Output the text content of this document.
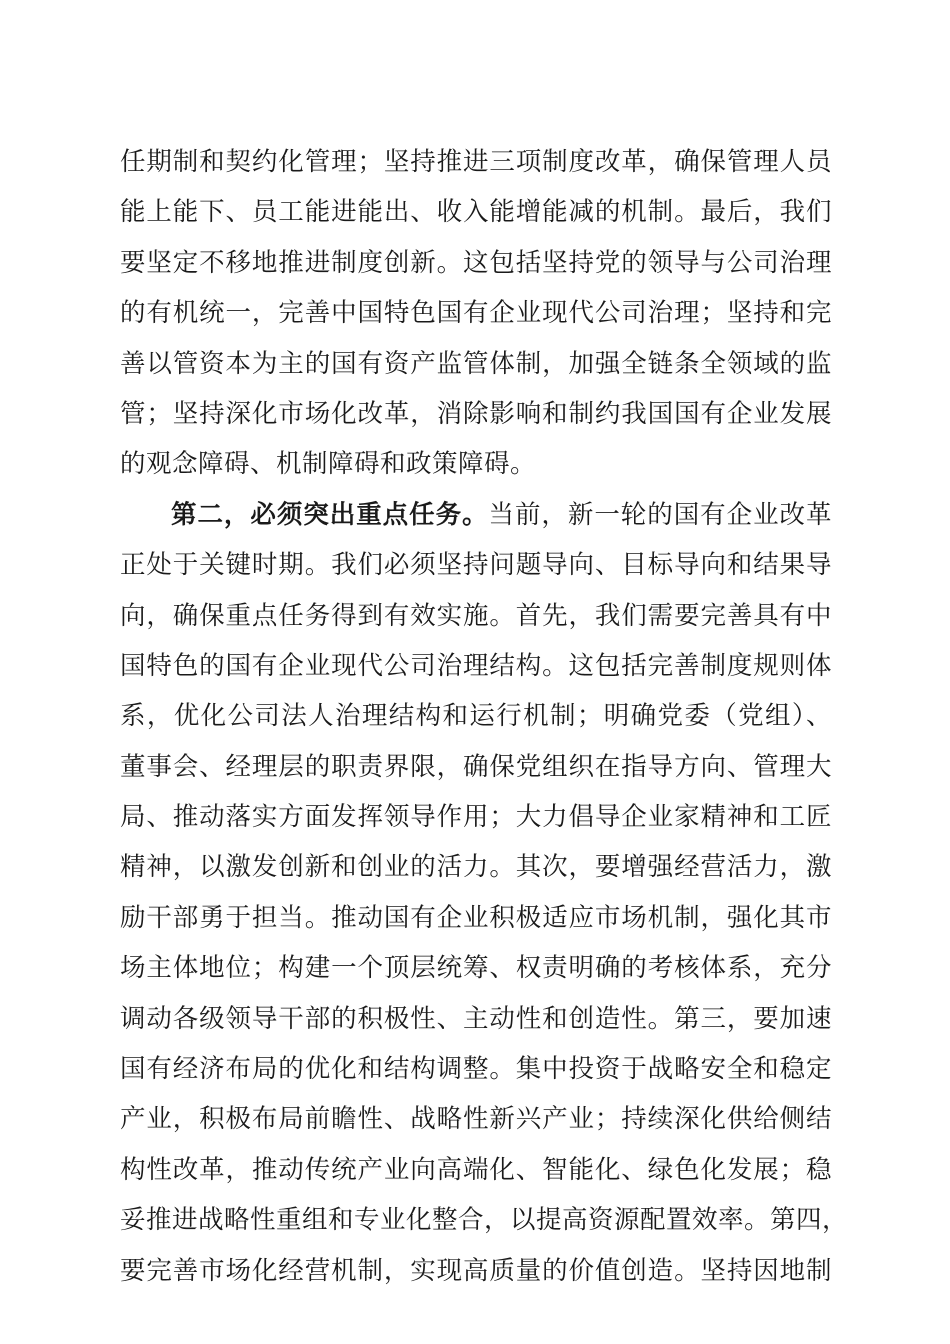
任期制和契约化管理；坚持推进三项制度改革，确保管理人员
能上能下、员工能进能出、收入能增能减的机制。最后，我们
要坚定不移地推进制度创新。这包括坚持党的领导与公司治理
的有机统一，完善中国特色国有企业现代公司治理；坚持和完
善以管资本为主的国有资产监管体制，加强全链条全领域的监
管；坚持深化市场化改革，消除影响和制约我国国有企业发展
的观念障碍、机制障碍和政策障碍。
第二，必须突出重点任务。当前，新一轮的国有企业改革
正处于关键时期。我们必须坚持问题导向、目标导向和结果导
向，确保重点任务得到有效实施。首先，我们需要完善具有中
国特色的国有企业现代公司治理结构。这包括完善制度规则体
系，优化公司法人治理结构和运行机制；明确党委（党组）、
董事会、经理层的职责界限，确保党组织在指导方向、管理大
局、推动落实方面发挥领导作用；大力倡导企业家精神和工匠
精神，以激发创新和创业的活力。其次，要增强经营活力，激
励干部勇于担当。推动国有企业积极适应市场机制，强化其市
场主体地位；构建一个顶层统筹、权责明确的考核体系，充分
调动各级领导干部的积极性、主动性和创造性。第三，要加速
国有经济布局的优化和结构调整。集中投资于战略安全和稳定
产业，积极布局前瞻性、战略性新兴产业；持续深化供给侧结
构性改革，推动传统产业向高端化、智能化、绿色化发展；稳
妥推进战略性重组和专业化整合，以提高资源配置效率。第四，
要完善市场化经营机制，实现高质量的价值创造。坚持因地制
